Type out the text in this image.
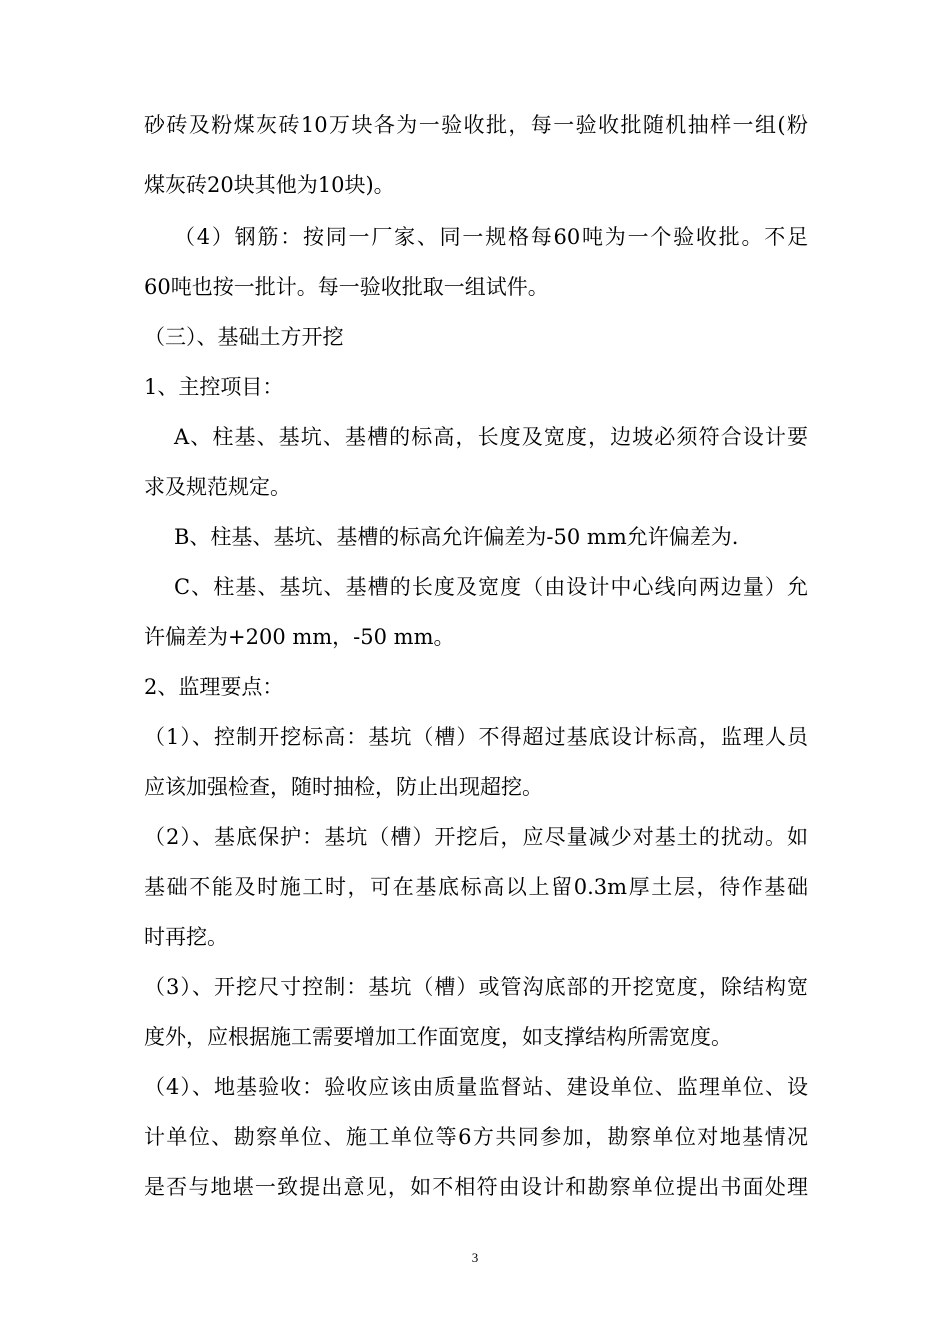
砂砖及粉煤灰砖10万块各为一验收批，每一验收批随机抽样一组(粉
煤灰砖20块其他为10块)。
（4）钢筋：按同一厂家、同一规格每60吨为一个验收批。不足
60吨也按一批计。每一验收批取一组试件。
（三）、基础土方开挖
1、主控项目：
A、柱基、基坑、基槽的标高，长度及宽度，边坡必须符合设计要
求及规范规定。
B、柱基、基坑、基槽的标高允许偏差为-50 mm允许偏差为.
C、柱基、基坑、基槽的长度及宽度（由设计中心线向两边量）允
许偏差为+200 mm，-50 mm。
2、监理要点：
（1）、控制开挖标高：基坑（槽）不得超过基底设计标高，监理人员
应该加强检查，随时抽检，防止出现超挖。
（2）、基底保护：基坑（槽）开挖后，应尽量减少对基土的扰动。如
基础不能及时施工时，可在基底标高以上留0.3m厚土层，待作基础
时再挖。
（3）、开挖尺寸控制：基坑（槽）或管沟底部的开挖宽度，除结构宽
度外，应根据施工需要增加工作面宽度，如支撑结构所需宽度。
（4）、地基验收：验收应该由质量监督站、建设单位、监理单位、设
计单位、勘察单位、施工单位等6方共同参加，勘察单位对地基情况
是否与地堪一致提出意见，如不相符由设计和勘察单位提出书面处理
3
